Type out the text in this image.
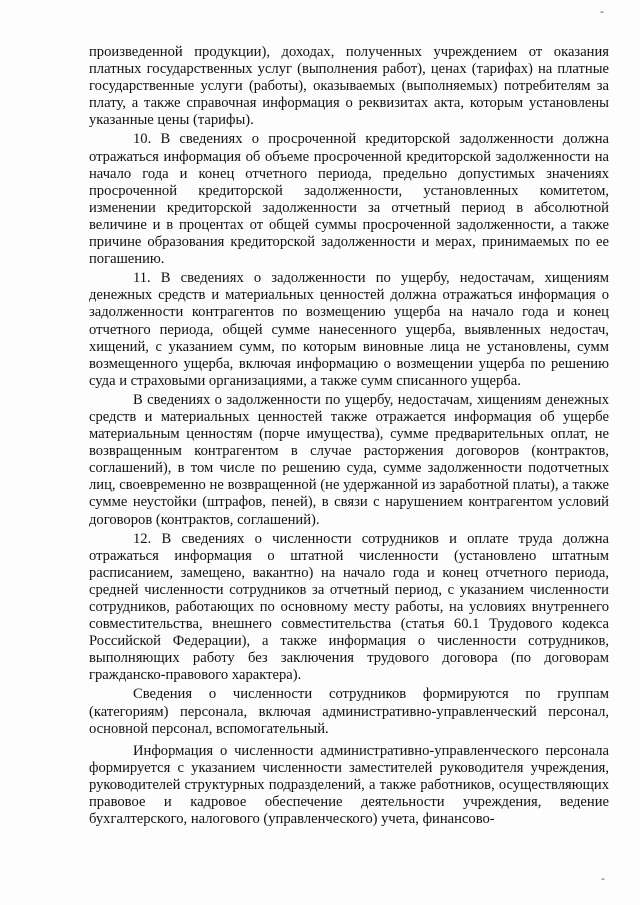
-

произведенной продукции), доходах, полученных учреждением от оказания платных государственных услуг (выполнения работ), ценах (тарифах) на платные государственные услуги (работы), оказываемых (выполняемых) потребителям за плату, а также справочная информация о реквизитах акта, которым установлены указанные цены (тарифы).

10. В сведениях о просроченной кредиторской задолженности должна отражаться информация об объеме просроченной кредиторской задолженности на начало года и конец отчетного периода, предельно допустимых значениях просроченной кредиторской задолженности, установленных комитетом, изменении кредиторской задолженности за отчетный период в абсолютной величине и в процентах от общей суммы просроченной задолженности, а также причине образования кредиторской задолженности и мерах, принимаемых по ее погашению.

11. В сведениях о задолженности по ущербу, недостачам, хищениям денежных средств и материальных ценностей должна отражаться информация о задолженности контрагентов по возмещению ущерба на начало года и конец отчетного периода, общей сумме нанесенного ущерба, выявленных недостач, хищений, с указанием сумм, по которым виновные лица не установлены, сумм возмещенного ущерба, включая информацию о возмещении ущерба по решению суда и страховыми организациями, а также сумм списанного ущерба.

В сведениях о задолженности по ущербу, недостачам, хищениям денежных средств и материальных ценностей также отражается информация об ущербе материальным ценностям (порче имущества), сумме предварительных оплат, не возвращенным контрагентом в случае расторжения договоров (контрактов, соглашений), в том числе по решению суда, сумме задолженности подотчетных лиц, своевременно не возвращенной (не удержанной из заработной платы), а также сумме неустойки (штрафов, пеней), в связи с нарушением контрагентом условий договоров (контрактов, соглашений).

12. В сведениях о численности сотрудников и оплате труда должна отражаться информация о штатной численности (установлено штатным расписанием, замещено, вакантно) на начало года и конец отчетного периода, средней численности сотрудников за отчетный период, с указанием численности сотрудников, работающих по основному месту работы, на условиях внутреннего совместительства, внешнего совместительства (статья 60.1 Трудового кодекса Российской Федерации), а также информация о численности сотрудников, выполняющих работу без заключения трудового договора (по договорам гражданско-правового характера).

Сведения о численности сотрудников формируются по группам (категориям) персонала, включая административно-управленческий персонал, основной персонал, вспомогательный.

Информация о численности административно-управленческого персонала формируется с указанием численности заместителей руководителя учреждения, руководителей структурных подразделений, а также работников, осуществляющих правовое и кадровое обеспечение деятельности учреждения, ведение бухгалтерского, налогового (управленческого) учета, финансово-

-
